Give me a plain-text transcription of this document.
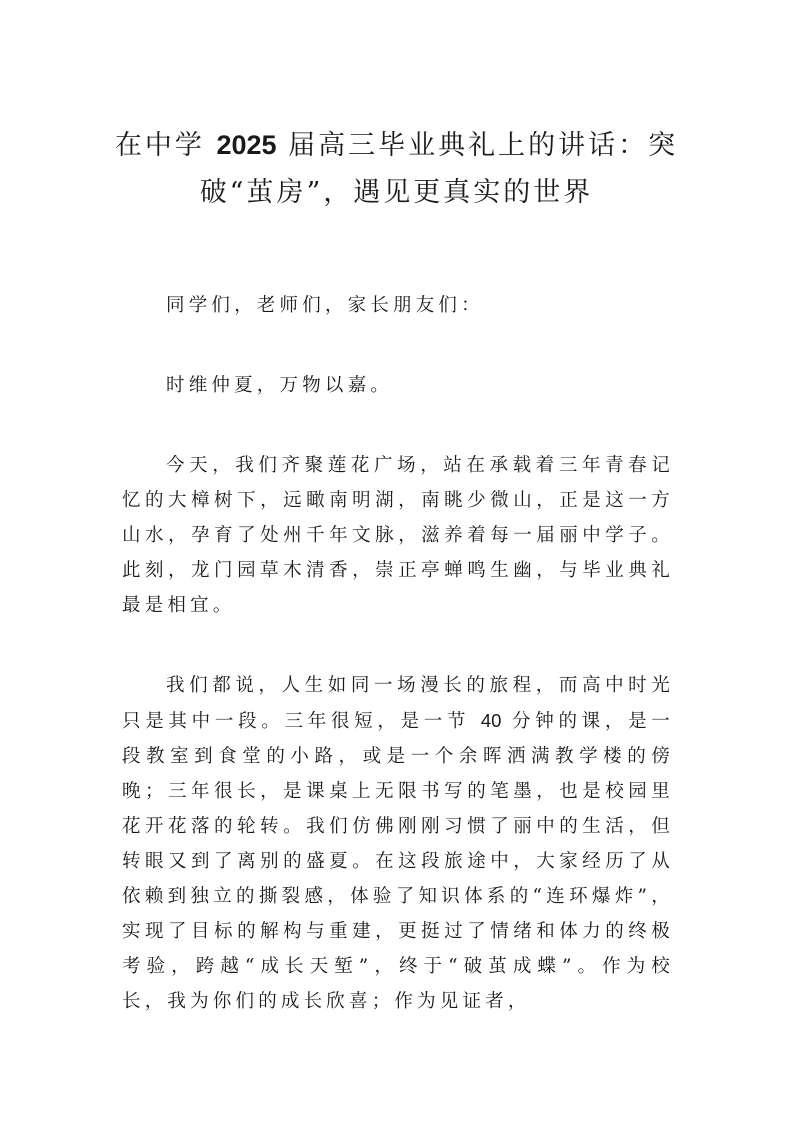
在中学 2025 届高三毕业典礼上的讲话：突
破“茧房”，遇见更真实的世界

同学们，老师们，家长朋友们：

时维仲夏，万物以嘉。

今天，我们齐聚莲花广场，站在承载着三年青春记忆的大樟树下，远瞰南明湖，南眺少微山，正是这一方山水，孕育了处州千年文脉，滋养着每一届丽中学子。此刻，龙门园草木清香，崇正亭蝉鸣生幽，与毕业典礼最是相宜。

我们都说，人生如同一场漫长的旅程，而高中时光只是其中一段。三年很短，是一节 40 分钟的课，是一段教室到食堂的小路，或是一个余晖洒满教学楼的傍晚；三年很长，是课桌上无限书写的笔墨，也是校园里花开花落的轮转。我们仿佛刚刚习惯了丽中的生活，但转眼又到了离别的盛夏。在这段旅途中，大家经历了从依赖到独立的撕裂感，体验了知识体系的“连环爆炸”，实现了目标的解构与重建，更挺过了情绪和体力的终极考验，跨越“成长天堑”，终于“破茧成蝶”。作为校长，我为你们的成长欣喜；作为见证者，
